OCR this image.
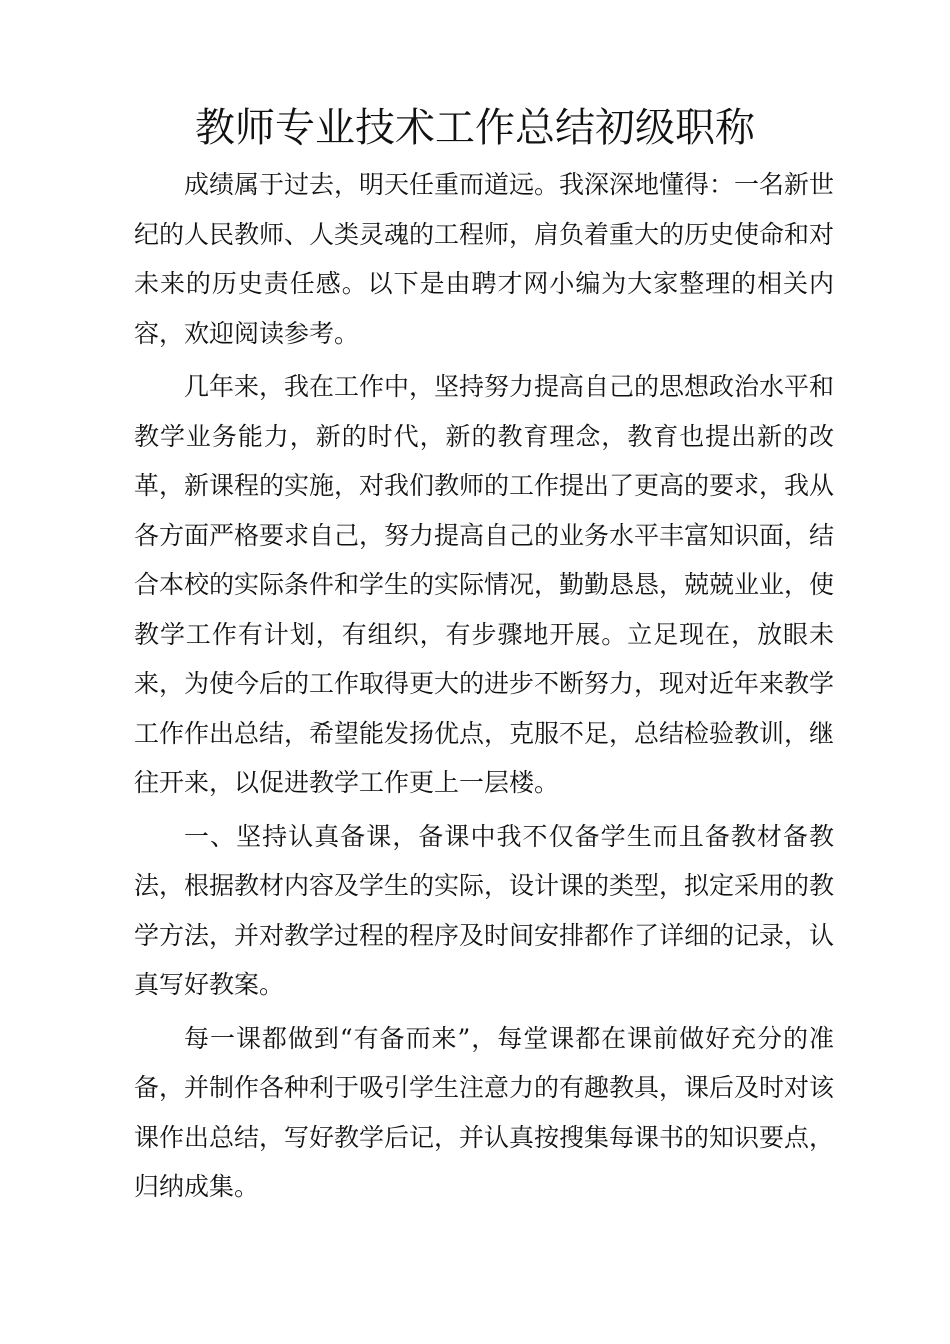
教师专业技术工作总结初级职称

成绩属于过去，明天任重而道远。我深深地懂得：一名新世纪的人民教师、人类灵魂的工程师，肩负着重大的历史使命和对未来的历史责任感。以下是由聘才网小编为大家整理的相关内容，欢迎阅读参考。

几年来，我在工作中，坚持努力提高自己的思想政治水平和教学业务能力，新的时代，新的教育理念，教育也提出新的改革，新课程的实施，对我们教师的工作提出了更高的要求，我从各方面严格要求自己，努力提高自己的业务水平丰富知识面，结合本校的实际条件和学生的实际情况，勤勤恳恳，兢兢业业，使教学工作有计划，有组织，有步骤地开展。立足现在，放眼未来，为使今后的工作取得更大的进步不断努力，现对近年来教学工作作出总结，希望能发扬优点，克服不足，总结检验教训，继往开来，以促进教学工作更上一层楼。

一、坚持认真备课，备课中我不仅备学生而且备教材备教法，根据教材内容及学生的实际，设计课的类型，拟定采用的教学方法，并对教学过程的程序及时间安排都作了详细的记录，认真写好教案。

每一课都做到“有备而来”，每堂课都在课前做好充分的准备，并制作各种利于吸引学生注意力的有趣教具，课后及时对该课作出总结，写好教学后记，并认真按搜集每课书的知识要点，归纳成集。
